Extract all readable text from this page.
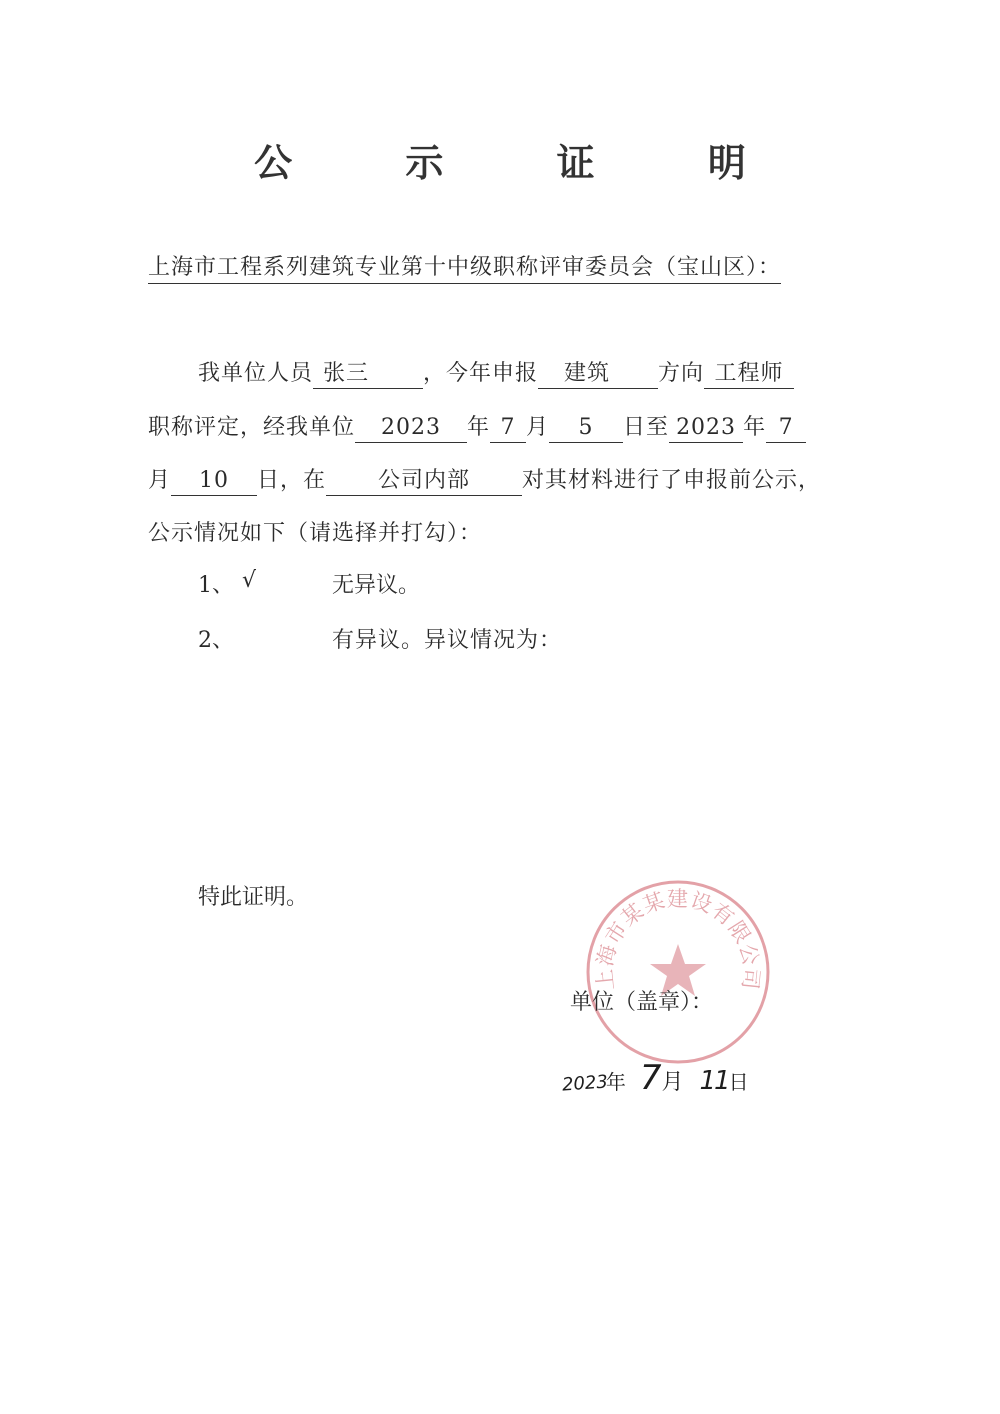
公 示 证 明
上海市工程系列建筑专业第十中级职称评审委员会（宝山区）：
我单位人员 张三 ，今年申报 建筑 方向 工程师
职称评定，经我单位 2023 年 7 月 5 日至 2023 年 7
月 10 日，在 公司内部 对其材料进行了申报前公示，
公示情况如下（请选择并打勾）：
1、 √	无异议。
2、	有异议。异议情况为：
特此证明。
上海市某某建设有限公司
单位（盖章）：
2023年 7月 11日
